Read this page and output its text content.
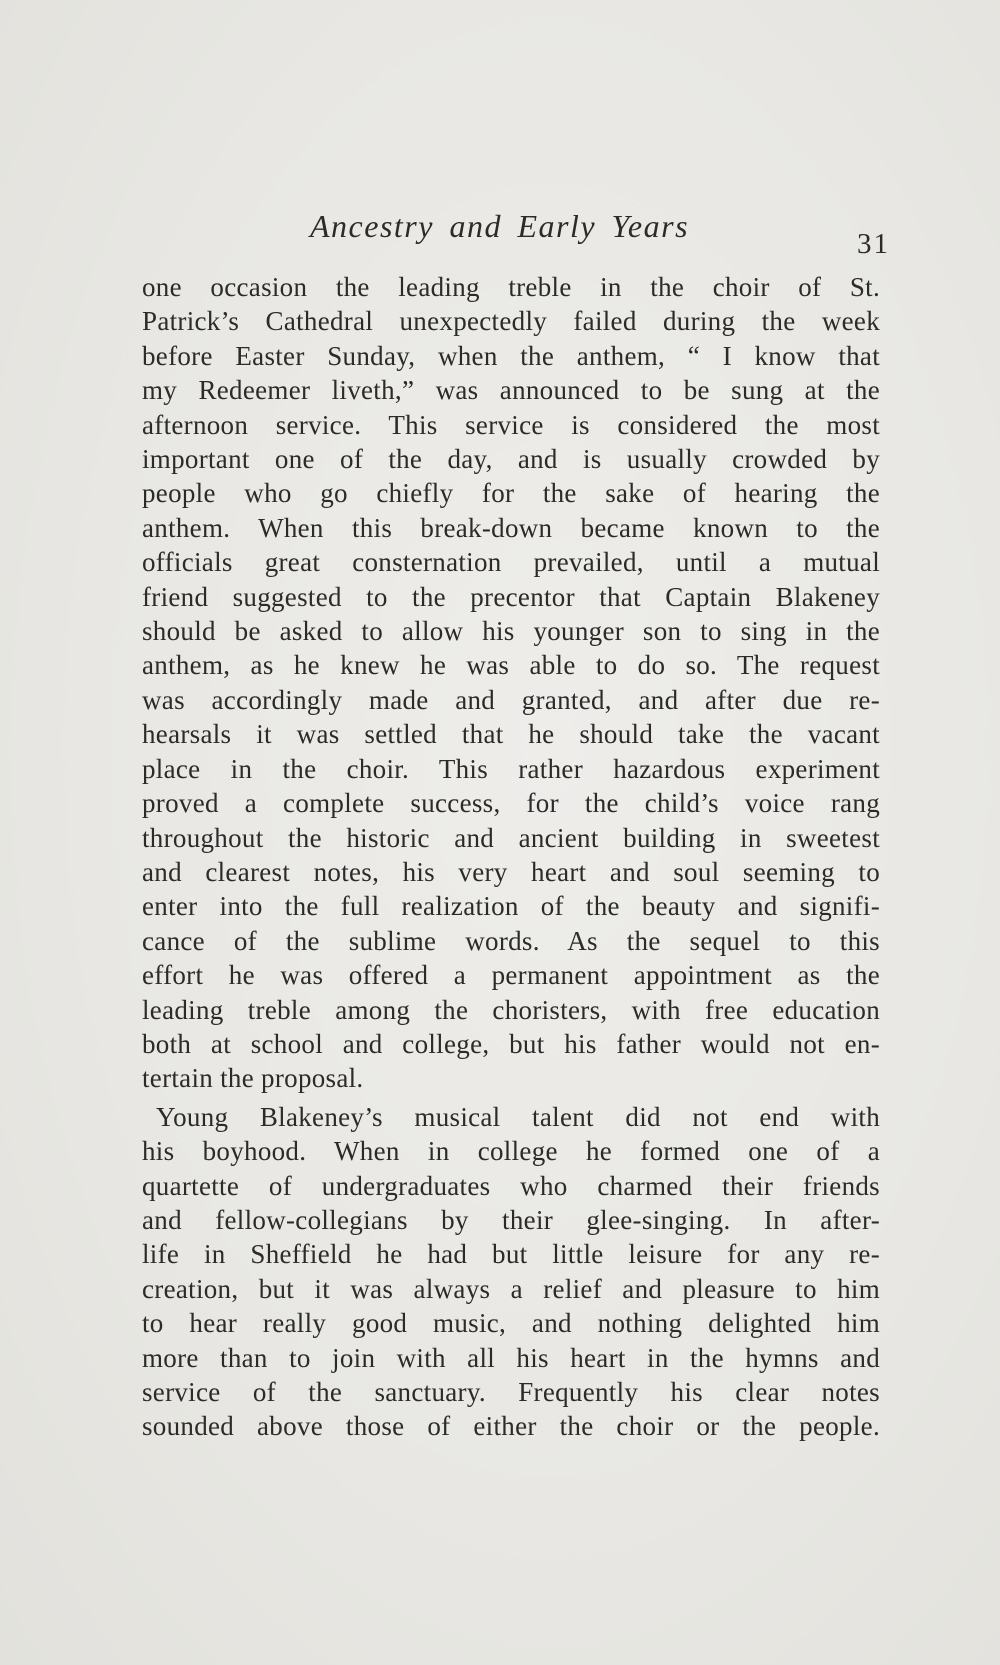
Ancestry and Early Years	31
one occasion the leading treble in the choir of St.
Patrick’s Cathedral unexpectedly failed during the week
before Easter Sunday, when the anthem, “ I know that
my Redeemer liveth,” was announced to be sung at the
afternoon service. This service is considered the most
important one of the day, and is usually crowded by
people who go chiefly for the sake of hearing the
anthem. When this break-down became known to the
officials great consternation prevailed, until a mutual
friend suggested to the precentor that Captain Blakeney
should be asked to allow his younger son to sing in the
anthem, as he knew he was able to do so. The request
was accordingly made and granted, and after due re-
hearsals it was settled that he should take the vacant
place in the choir. This rather hazardous experiment
proved a complete success, for the child’s voice rang
throughout the historic and ancient building in sweetest
and clearest notes, his very heart and soul seeming to
enter into the full realization of the beauty and signifi-
cance of the sublime words. As the sequel to this
effort he was offered a permanent appointment as the
leading treble among the choristers, with free education
both at school and college, but his father would not en-
tertain the proposal.
Young Blakeney’s musical talent did not end with
his boyhood. When in college he formed one of a
quartette of undergraduates who charmed their friends
and fellow-collegians by their glee-singing. In after-
life in Sheffield he had but little leisure for any re-
creation, but it was always a relief and pleasure to him
to hear really good music, and nothing delighted him
more than to join with all his heart in the hymns and
service of the sanctuary. Frequently his clear notes
sounded above those of either the choir or the people.
